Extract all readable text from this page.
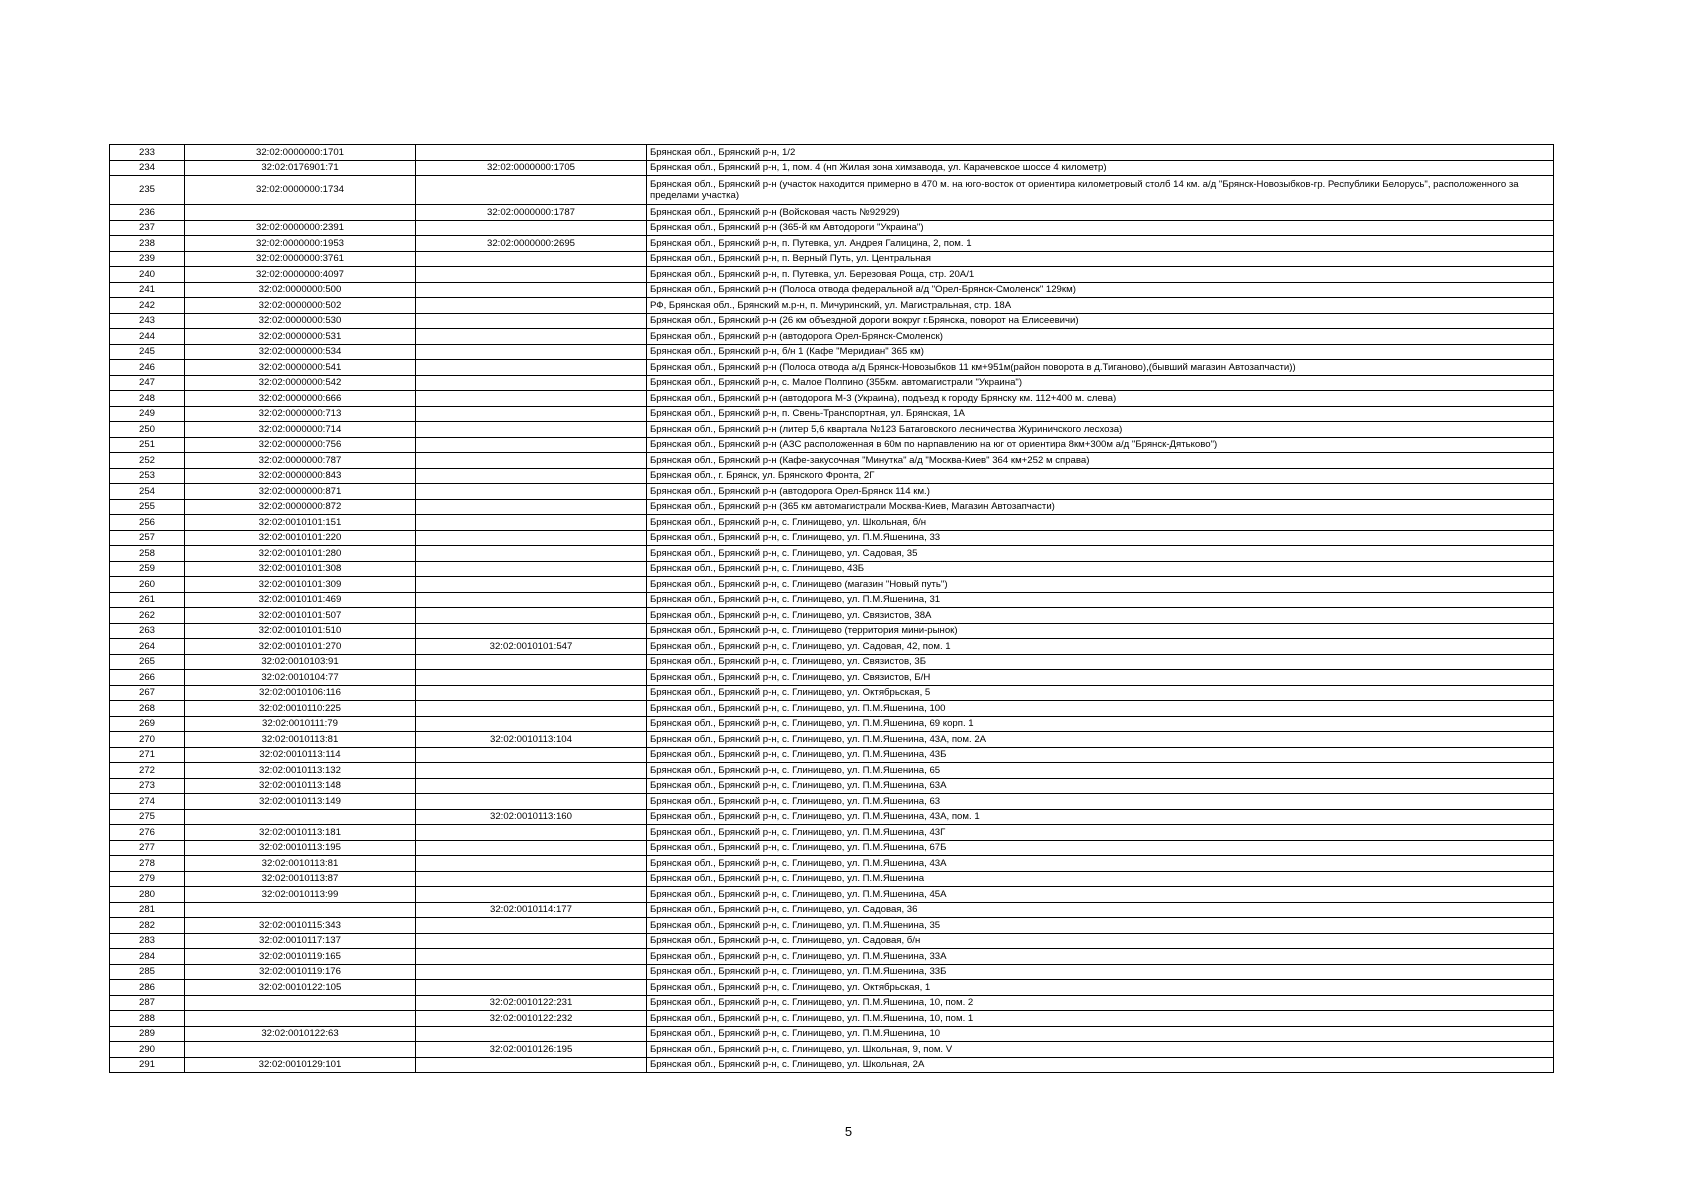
233	32:02:0000000:1701		Брянская обл., Брянский р-н, 1/2
234	32:02:0176901:71	32:02:0000000:1705	Брянская обл., Брянский р-н, 1, пом. 4 (нп Жилая зона химзавода, ул. Карачевское шоссе 4 километр)
235	32:02:0000000:1734		Брянская обл., Брянский р-н (участок находится примерно в 470 м. на юго-восток от ориентира километровый столб 14 км. а/д "Брянск-Новозыбков-гр. Республики Белорусь", расположенного за пределами участка)
236		32:02:0000000:1787	Брянская обл., Брянский р-н (Войсковая часть №92929)
237	32:02:0000000:2391		Брянская обл., Брянский р-н (365-й км Автодороги "Украина")
238	32:02:0000000:1953	32:02:0000000:2695	Брянская обл., Брянский р-н, п. Путевка, ул. Андрея Галицина, 2, пом. 1
239	32:02:0000000:3761		Брянская обл., Брянский р-н, п. Верный Путь, ул. Центральная
240	32:02:0000000:4097		Брянская обл., Брянский р-н, п. Путевка, ул. Березовая Роща, стр. 20А/1
241	32:02:0000000:500		Брянская обл., Брянский р-н (Полоса отвода федеральной а/д "Орел-Брянск-Смоленск" 129км)
242	32:02:0000000:502		РФ, Брянская обл., Брянский м.р-н, п. Мичуринский, ул. Магистральная, стр. 18А
243	32:02:0000000:530		Брянская обл., Брянский р-н (26 км объездной дороги вокруг г.Брянска, поворот на Елисеевичи)
244	32:02:0000000:531		Брянская обл., Брянский р-н (автодорога Орел-Брянск-Смоленск)
245	32:02:0000000:534		Брянская обл., Брянский р-н, б/н 1 (Кафе "Меридиан" 365 км)
246	32:02:0000000:541		Брянская обл., Брянский р-н (Полоса отвода а/д Брянск-Новозыбков 11 км+951м(район поворота в д.Тиганово),(бывший магазин Автозапчасти))
247	32:02:0000000:542		Брянская обл., Брянский р-н, с. Малое Полпино (355км. автомагистрали "Украина")
248	32:02:0000000:666		Брянская обл., Брянский р-н (автодорога М-3 (Украина), подъезд к городу Брянску км. 112+400 м. слева)
249	32:02:0000000:713		Брянская обл., Брянский р-н, п. Свень-Транспортная, ул. Брянская, 1А
250	32:02:0000000:714		Брянская обл., Брянский р-н (литер 5,6 квартала №123 Батаговского лесничества Журиничского лесхоза)
251	32:02:0000000:756		Брянская обл., Брянский р-н (АЗС расположенная в 60м по нарпавлению на юг от ориентира 8км+300м а/д "Брянск-Дятьково")
252	32:02:0000000:787		Брянская обл., Брянский р-н (Кафе-закусочная "Минутка" а/д "Москва-Киев" 364 км+252 м справа)
253	32:02:0000000:843		Брянская обл., г. Брянск, ул. Брянского Фронта, 2Г
254	32:02:0000000:871		Брянская обл., Брянский р-н (автодорога Орел-Брянск 114 км.)
255	32:02:0000000:872		Брянская обл., Брянский р-н (365 км автомагистрали Москва-Киев, Магазин Автозапчасти)
256	32:02:0010101:151		Брянская обл., Брянский р-н, с. Глинищево, ул. Школьная, б/н
257	32:02:0010101:220		Брянская обл., Брянский р-н, с. Глинищево, ул. П.М.Яшенина, 33
258	32:02:0010101:280		Брянская обл., Брянский р-н, с. Глинищево, ул. Садовая, 35
259	32:02:0010101:308		Брянская обл., Брянский р-н, с. Глинищево, 43Б
260	32:02:0010101:309		Брянская обл., Брянский р-н, с. Глинищево (магазин "Новый путь")
261	32:02:0010101:469		Брянская обл., Брянский р-н, с. Глинищево, ул. П.М.Яшенина, 31
262	32:02:0010101:507		Брянская обл., Брянский р-н, с. Глинищево, ул. Связистов, 38А
263	32:02:0010101:510		Брянская обл., Брянский р-н, с. Глинищево (территория мини-рынок)
264	32:02:0010101:270	32:02:0010101:547	Брянская обл., Брянский р-н, с. Глинищево, ул. Садовая, 42, пом. 1
265	32:02:0010103:91		Брянская обл., Брянский р-н, с. Глинищево, ул. Связистов, 3Б
266	32:02:0010104:77		Брянская обл., Брянский р-н, с. Глинищево, ул. Связистов, Б/Н
267	32:02:0010106:116		Брянская обл., Брянский р-н, с. Глинищево, ул. Октябрьская, 5
268	32:02:0010110:225		Брянская обл., Брянский р-н, с. Глинищево, ул. П.М.Яшенина, 100
269	32:02:0010111:79		Брянская обл., Брянский р-н, с. Глинищево, ул. П.М.Яшенина, 69 корп. 1
270	32:02:0010113:81	32:02:0010113:104	Брянская обл., Брянский р-н, с. Глинищево, ул. П.М.Яшенина, 43А, пом. 2А
271	32:02:0010113:114		Брянская обл., Брянский р-н, с. Глинищево, ул. П.М.Яшенина, 43Б
272	32:02:0010113:132		Брянская обл., Брянский р-н, с. Глинищево, ул. П.М.Яшенина, 65
273	32:02:0010113:148		Брянская обл., Брянский р-н, с. Глинищево, ул. П.М.Яшенина, 63А
274	32:02:0010113:149		Брянская обл., Брянский р-н, с. Глинищево, ул. П.М.Яшенина, 63
275		32:02:0010113:160	Брянская обл., Брянский р-н, с. Глинищево, ул. П.М.Яшенина, 43А, пом. 1
276	32:02:0010113:181		Брянская обл., Брянский р-н, с. Глинищево, ул. П.М.Яшенина, 43Г
277	32:02:0010113:195		Брянская обл., Брянский р-н, с. Глинищево, ул. П.М.Яшенина, 67Б
278	32:02:0010113:81		Брянская обл., Брянский р-н, с. Глинищево, ул. П.М.Яшенина, 43А
279	32:02:0010113:87		Брянская обл., Брянский р-н, с. Глинищево, ул. П.М.Яшенина
280	32:02:0010113:99		Брянская обл., Брянский р-н, с. Глинищево, ул. П.М.Яшенина, 45А
281		32:02:0010114:177	Брянская обл., Брянский р-н, с. Глинищево, ул. Садовая, 36
282	32:02:0010115:343		Брянская обл., Брянский р-н, с. Глинищево, ул. П.М.Яшенина, 35
283	32:02:0010117:137		Брянская обл., Брянский р-н, с. Глинищево, ул. Садовая, б/н
284	32:02:0010119:165		Брянская обл., Брянский р-н, с. Глинищево, ул. П.М.Яшенина, 33А
285	32:02:0010119:176		Брянская обл., Брянский р-н, с. Глинищево, ул. П.М.Яшенина, 33Б
286	32:02:0010122:105		Брянская обл., Брянский р-н, с. Глинищево, ул. Октябрьская, 1
287		32:02:0010122:231	Брянская обл., Брянский р-н, с. Глинищево, ул. П.М.Яшенина, 10, пом. 2
288		32:02:0010122:232	Брянская обл., Брянский р-н, с. Глинищево, ул. П.М.Яшенина, 10, пом. 1
289	32:02:0010122:63		Брянская обл., Брянский р-н, с. Глинищево, ул. П.М.Яшенина, 10
290		32:02:0010126:195	Брянская обл., Брянский р-н, с. Глинищево, ул. Школьная, 9, пом. V
291	32:02:0010129:101		Брянская обл., Брянский р-н, с. Глинищево, ул. Школьная, 2А
5
